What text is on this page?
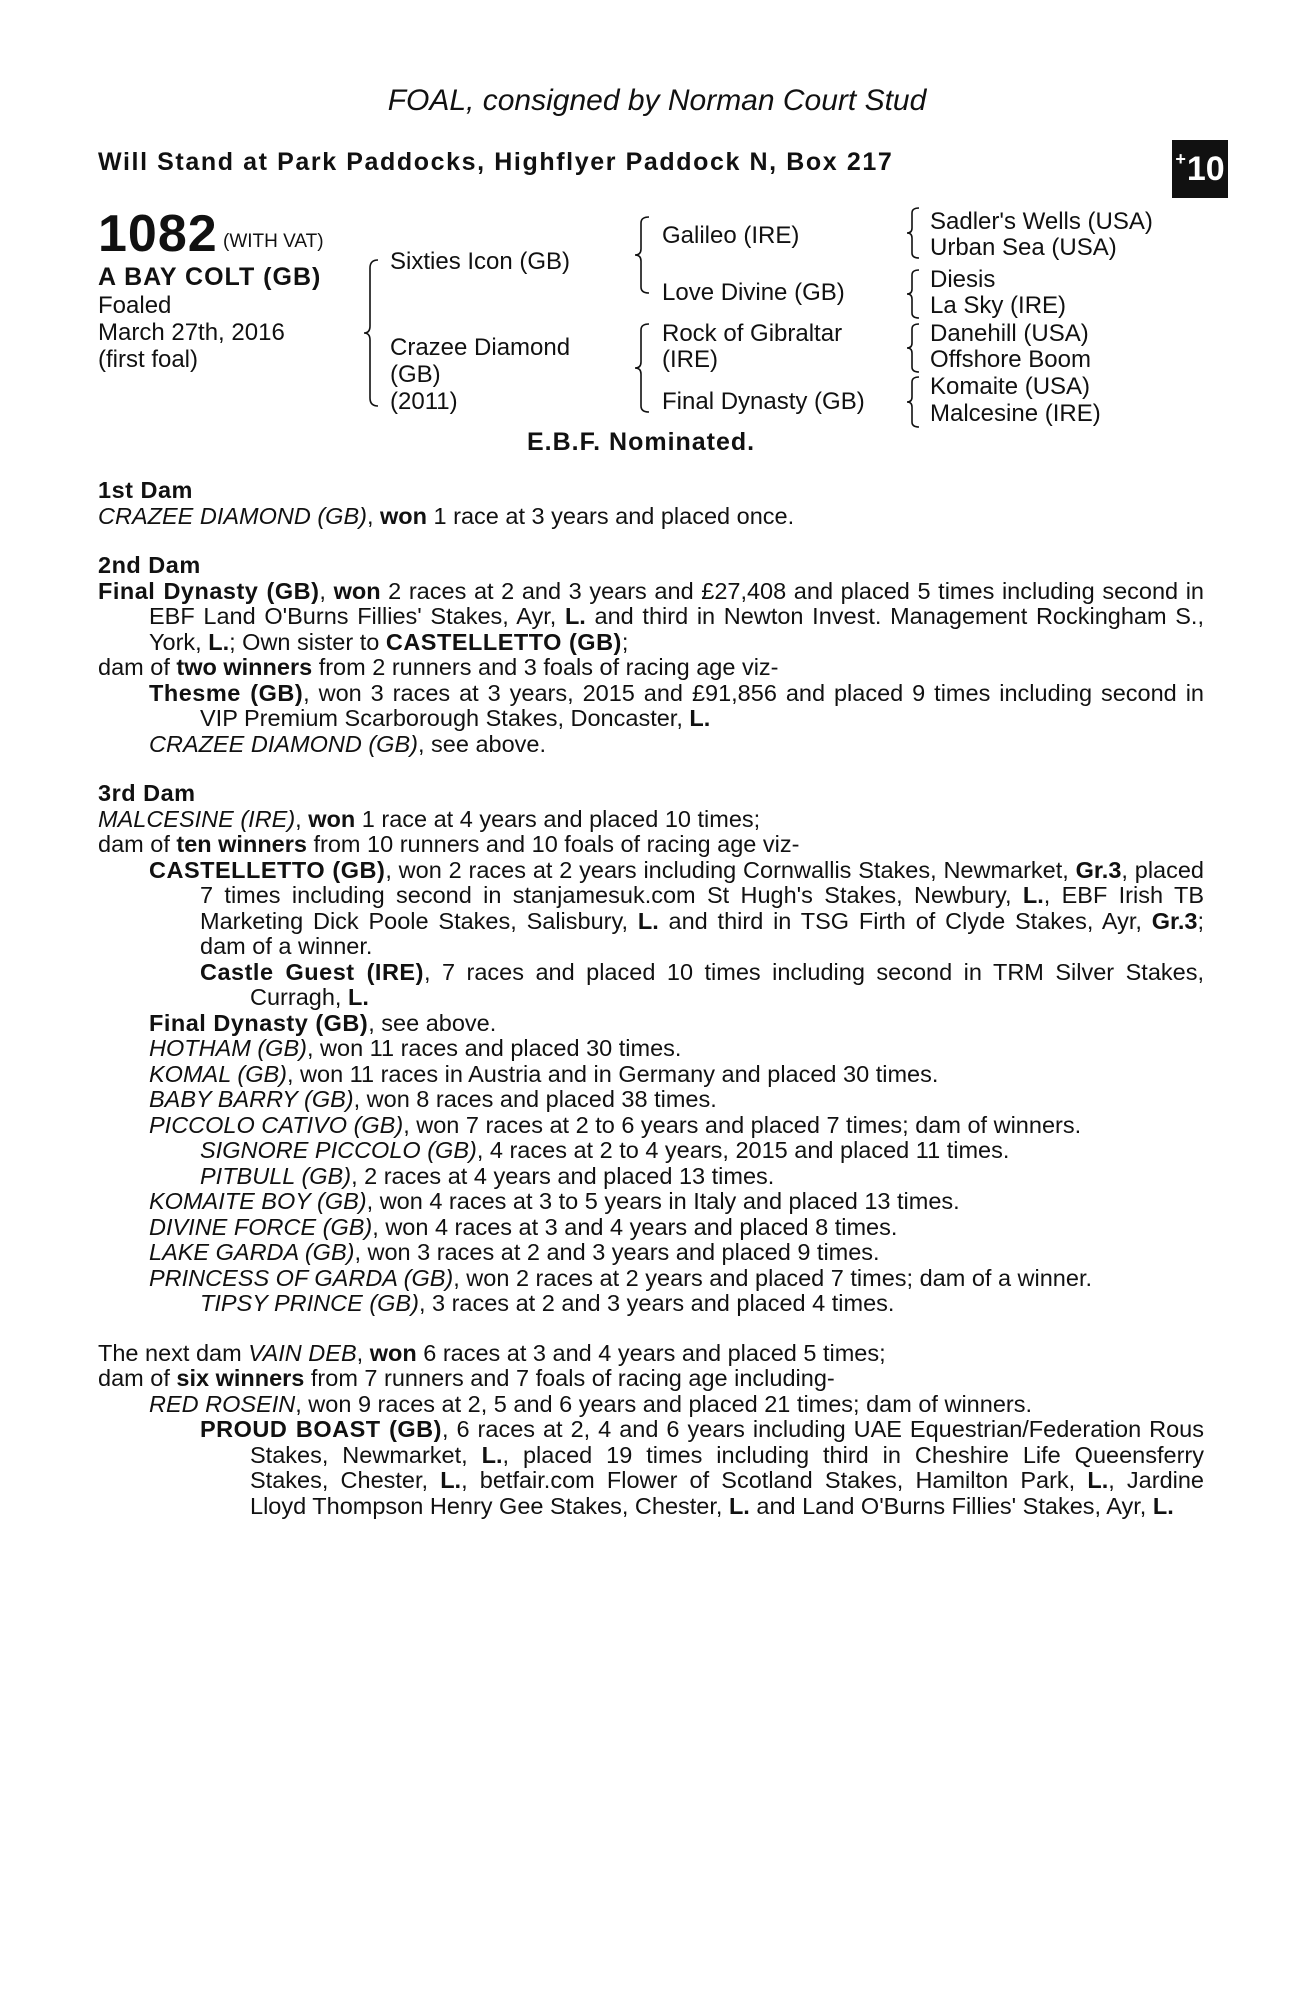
FOAL, consigned by Norman Court Stud
Will Stand at Park Paddocks, Highflyer Paddock N, Box 217	+ 10
1082 (WITH VAT)
A BAY COLT (GB)
Foaled
March 27th, 2016
(first foal)
Sixties Icon (GB)
Crazee Diamond
(GB)
(2011)
Galileo (IRE)
Love Divine (GB)
Rock of Gibraltar
(IRE)
Final Dynasty (GB)
Sadler's Wells (USA)
Urban Sea (USA)
Diesis
La Sky (IRE)
Danehill (USA)
Offshore Boom
Komaite (USA)
Malcesine (IRE)
E.B.F. Nominated.
1st Dam
CRAZEE DIAMOND (GB), won 1 race at 3 years and placed once.
2nd Dam
Final Dynasty (GB), won 2 races at 2 and 3 years and £27,408 and placed 5 times including second in EBF Land O'Burns Fillies' Stakes, Ayr, L. and third in Newton Invest. Management Rockingham S., York, L.; Own sister to CASTELLETTO (GB);
dam of two winners from 2 runners and 3 foals of racing age viz-
Thesme (GB), won 3 races at 3 years, 2015 and £91,856 and placed 9 times including second in VIP Premium Scarborough Stakes, Doncaster, L.
CRAZEE DIAMOND (GB), see above.
3rd Dam
MALCESINE (IRE), won 1 race at 4 years and placed 10 times;
dam of ten winners from 10 runners and 10 foals of racing age viz-
CASTELLETTO (GB), won 2 races at 2 years including Cornwallis Stakes, Newmarket, Gr.3, placed 7 times including second in stanjamesuk.com St Hugh's Stakes, Newbury, L., EBF Irish TB Marketing Dick Poole Stakes, Salisbury, L. and third in TSG Firth of Clyde Stakes, Ayr, Gr.3; dam of a winner.
Castle Guest (IRE), 7 races and placed 10 times including second in TRM Silver Stakes, Curragh, L.
Final Dynasty (GB), see above.
HOTHAM (GB), won 11 races and placed 30 times.
KOMAL (GB), won 11 races in Austria and in Germany and placed 30 times.
BABY BARRY (GB), won 8 races and placed 38 times.
PICCOLO CATIVO (GB), won 7 races at 2 to 6 years and placed 7 times; dam of winners.
SIGNORE PICCOLO (GB), 4 races at 2 to 4 years, 2015 and placed 11 times.
PITBULL (GB), 2 races at 4 years and placed 13 times.
KOMAITE BOY (GB), won 4 races at 3 to 5 years in Italy and placed 13 times.
DIVINE FORCE (GB), won 4 races at 3 and 4 years and placed 8 times.
LAKE GARDA (GB), won 3 races at 2 and 3 years and placed 9 times.
PRINCESS OF GARDA (GB), won 2 races at 2 years and placed 7 times; dam of a winner.
TIPSY PRINCE (GB), 3 races at 2 and 3 years and placed 4 times.
The next dam VAIN DEB, won 6 races at 3 and 4 years and placed 5 times;
dam of six winners from 7 runners and 7 foals of racing age including-
RED ROSEIN, won 9 races at 2, 5 and 6 years and placed 21 times; dam of winners.
PROUD BOAST (GB), 6 races at 2, 4 and 6 years including UAE Equestrian/Federation Rous Stakes, Newmarket, L., placed 19 times including third in Cheshire Life Queensferry Stakes, Chester, L., betfair.com Flower of Scotland Stakes, Hamilton Park, L., Jardine Lloyd Thompson Henry Gee Stakes, Chester, L. and Land O'Burns Fillies' Stakes, Ayr, L.
